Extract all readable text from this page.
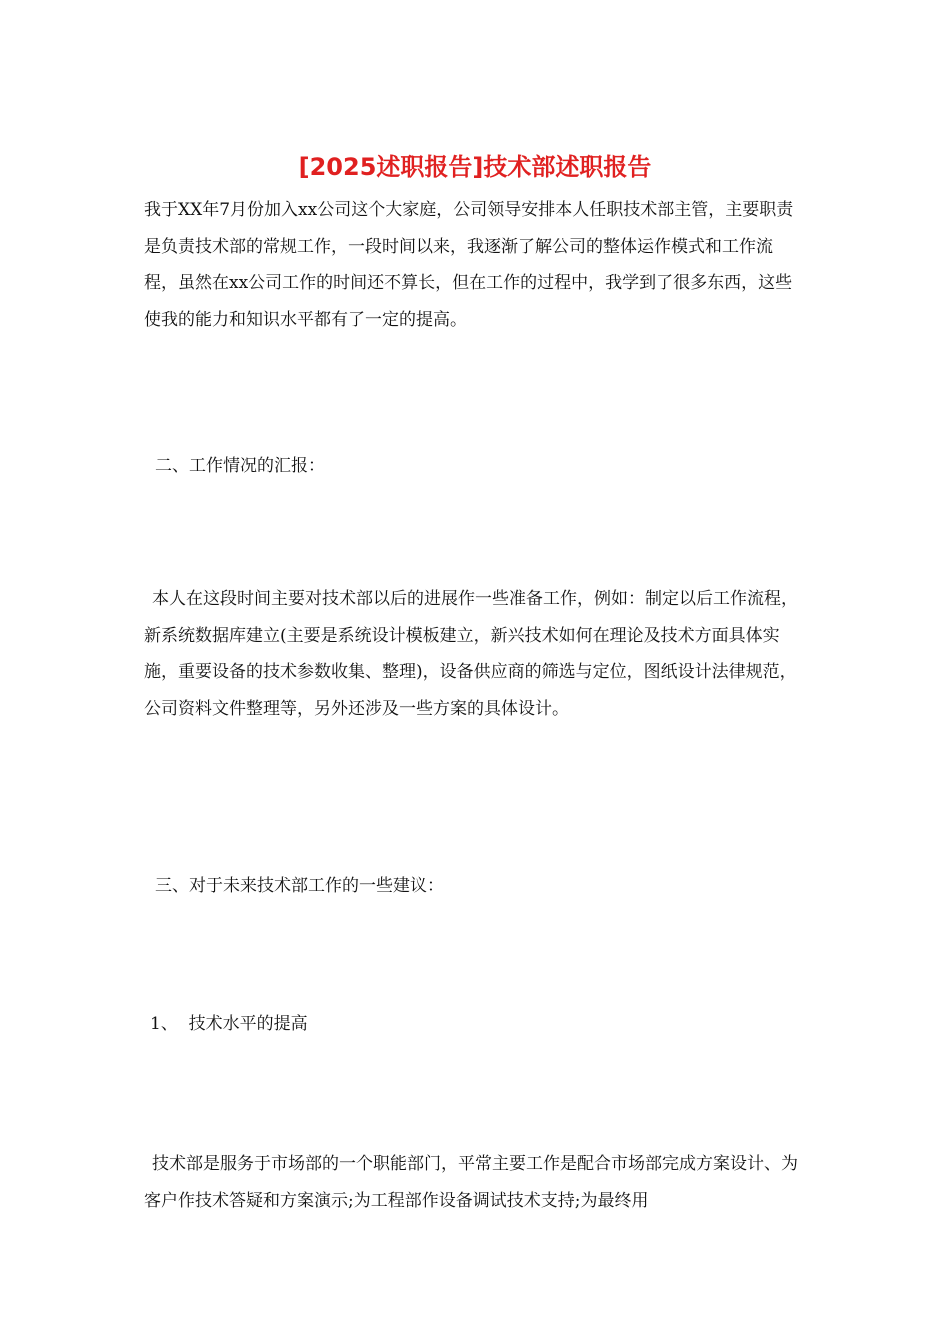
[2025述职报告]技术部述职报告

我于XX年7月份加入xx公司这个大家庭，公司领导安排本人任职技术部主管，主要职责是负责技术部的常规工作，一段时间以来，我逐渐了解公司的整体运作模式和工作流程，虽然在xx公司工作的时间还不算长，但在工作的过程中，我学到了很多东西，这些使我的能力和知识水平都有了一定的提高。

二、工作情况的汇报：

本人在这段时间主要对技术部以后的进展作一些准备工作，例如：制定以后工作流程，新系统数据库建立(主要是系统设计模板建立，新兴技术如何在理论及技术方面具体实施，重要设备的技术参数收集、整理)，设备供应商的筛选与定位，图纸设计法律规范，公司资料文件整理等，另外还涉及一些方案的具体设计。

三、对于未来技术部工作的一些建议：

1、  技术水平的提高

技术部是服务于市场部的一个职能部门，平常主要工作是配合市场部完成方案设计、为客户作技术答疑和方案演示;为工程部作设备调试技术支持;为最终用
